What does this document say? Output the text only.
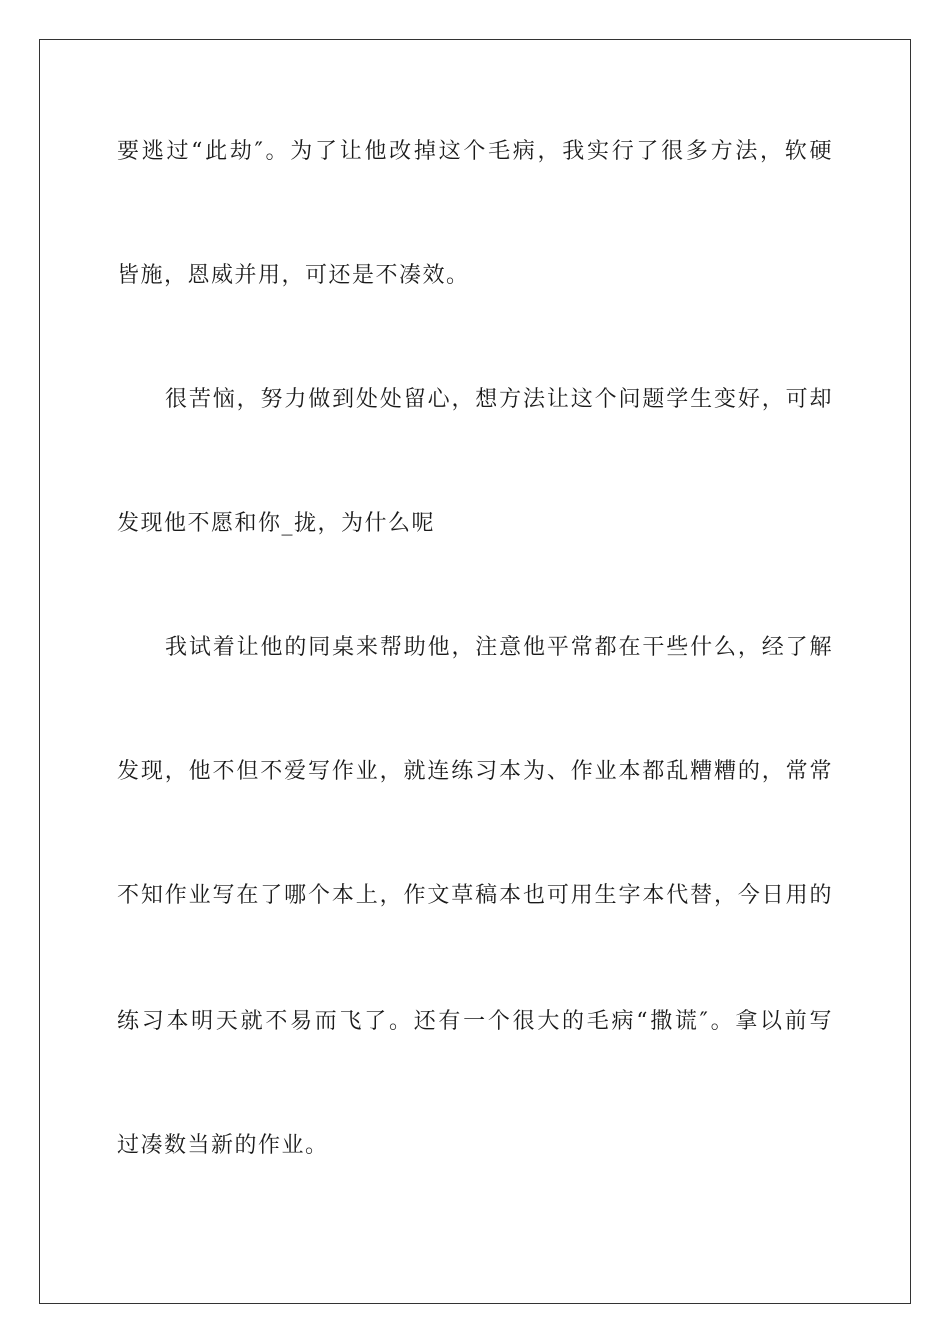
要逃过“此劫″。为了让他改掉这个毛病，我实行了很多方法，软硬
皆施，恩威并用，可还是不凑效。
很苦恼，努力做到处处留心，想方法让这个问题学生变好，可却
发现他不愿和你_拢，为什么呢
我试着让他的同桌来帮助他，注意他平常都在干些什么，经了解
发现，他不但不爱写作业，就连练习本为、作业本都乱糟糟的，常常
不知作业写在了哪个本上，作文草稿本也可用生字本代替，今日用的
练习本明天就不易而飞了。还有一个很大的毛病“撒谎″。拿以前写
过凑数当新的作业。
